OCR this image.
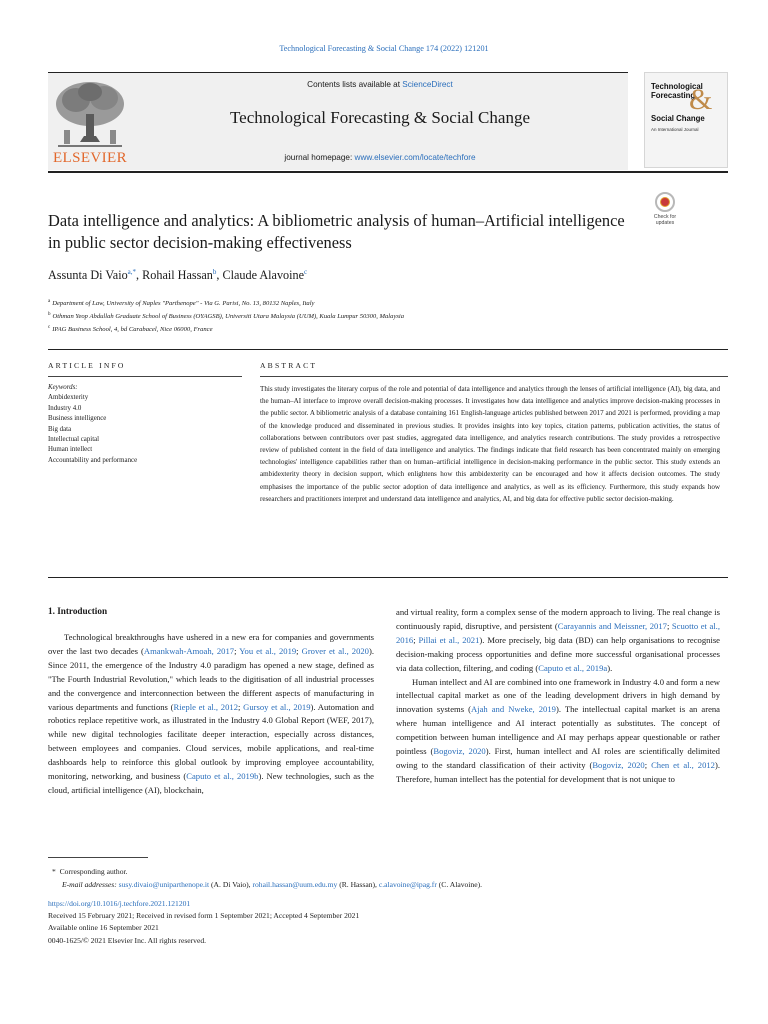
Technological Forecasting & Social Change 174 (2022) 121201
ELSEVIER
Contents lists available at ScienceDirect
Technological Forecasting & Social Change
journal homepage: www.elsevier.com/locate/techfore
Technological
Forecasting
&
Social Change
An International Journal
Data intelligence and analytics: A bibliometric analysis of human–Artificial intelligence in public sector decision-making effectiveness
Check for updates
Assunta Di Vaio$^{a,*}$, Rohail Hassan$^b$, Claude Alavoine$^c$
$^a$ Department of Law, University of Naples "Parthenope" - Via G. Parisi, No. 13, 80132 Naples, Italy
$^b$ Othman Yeop Abdullah Graduate School of Business (OYAGSB), Universiti Utara Malaysia (UUM), Kuala Lumpur 50300, Malaysia
$^c$ IPAG Business School, 4, bd Carabacel, Nice 06000, France
ARTICLE INFO	ABSTRACT
Keywords:
Ambidexterity
Industry 4.0
Business intelligence
Big data
Intellectual capital
Human intellect
Accountability and performance
This study investigates the literary corpus of the role and potential of data intelligence and analytics through the lenses of artificial intelligence (AI), big data, and the human–AI interface to improve overall decision-making processes. It investigates how data intelligence and analytics improve decision-making processes in the public sector. A bibliometric analysis of a database containing 161 English-language articles published between 2017 and 2021 is performed, providing a map of the knowledge produced and disseminated in previous studies. It provides insights into key topics, citation patterns, publication activities, the status of collaborations between contributors over past studies, aggregated data intelligence, and analytics research contributions. The study provides a retrospective review of published content in the field of data intelligence and analytics. The findings indicate that field research has been concentrated mainly on emerging technologies' intelligence capabilities rather than on human–artificial intelligence in decision-making performance in the public sector. This study extends an ambidexterity theory in decision support, which enlightens how this ambidexterity can be encouraged and how it affects decision outcomes. The study emphasises the importance of the public sector adoption of data intelligence and analytics, as well as its efficiency. Furthermore, this study expands how researchers and practitioners interpret and understand data intelligence and analytics, AI, and big data for effective public sector decision-making.
1. Introduction

Technological breakthroughs have ushered in a new era for companies and governments over the last two decades (Amankwah-Amoah, 2017; You et al., 2019; Grover et al., 2020). Since 2011, the emergence of the Industry 4.0 paradigm has opened a new stage, defined as "The Fourth Industrial Revolution," which leads to the digitisation of all industrial processes and the convergence and interconnection between the different aspects of manufacturing in various departments and functions (Rieple et al., 2012; Gursoy et al., 2019). Automation and robotics replace repetitive work, as illustrated in the Industry 4.0 Global Report (WEF, 2017), while new digital technologies facilitate deeper interaction, especially across distances, between employees and companies. Cloud services, mobile applications, and real-time dashboards help to reinforce this global outlook by improving employee accountability, monitoring, networking, and business (Caputo et al., 2019b). New technologies, such as the cloud, artificial intelligence (AI), blockchain,

and virtual reality, form a complex sense of the modern approach to living. The real change is continuously rapid, disruptive, and persistent (Carayannis and Meissner, 2017; Scuotto et al., 2016; Pillai et al., 2021). More precisely, big data (BD) can help organisations to recognise decision-making process opportunities and define more successful organisational processes via data collection, filtering, and coding (Caputo et al., 2019a).

Human intellect and AI are combined into one framework in Industry 4.0 and form a new intellectual capital market as one of the leading development drivers in high demand by innovation systems (Ajah and Nweke, 2019). The intellectual capital market is an arena where human intelligence and AI interact potentially as substitutes. The concept of competition between human intelligence and AI may perhaps appear questionable or rather pointless (Bogoviz, 2020). First, human intellect and AI roles are scientifically delimited owing to the standard classification of their activity (Bogoviz, 2020; Chen et al., 2012). Therefore, human intellect has the potential for development that is not unique to

* Corresponding author.
E-mail addresses: susy.divaio@uniparthenope.it (A. Di Vaio), rohail.hassan@uum.edu.my (R. Hassan), c.alavoine@ipag.fr (C. Alavoine).
https://doi.org/10.1016/j.techfore.2021.121201
Received 15 February 2021; Received in revised form 1 September 2021; Accepted 4 September 2021
Available online 16 September 2021
0040-1625/© 2021 Elsevier Inc. All rights reserved.
